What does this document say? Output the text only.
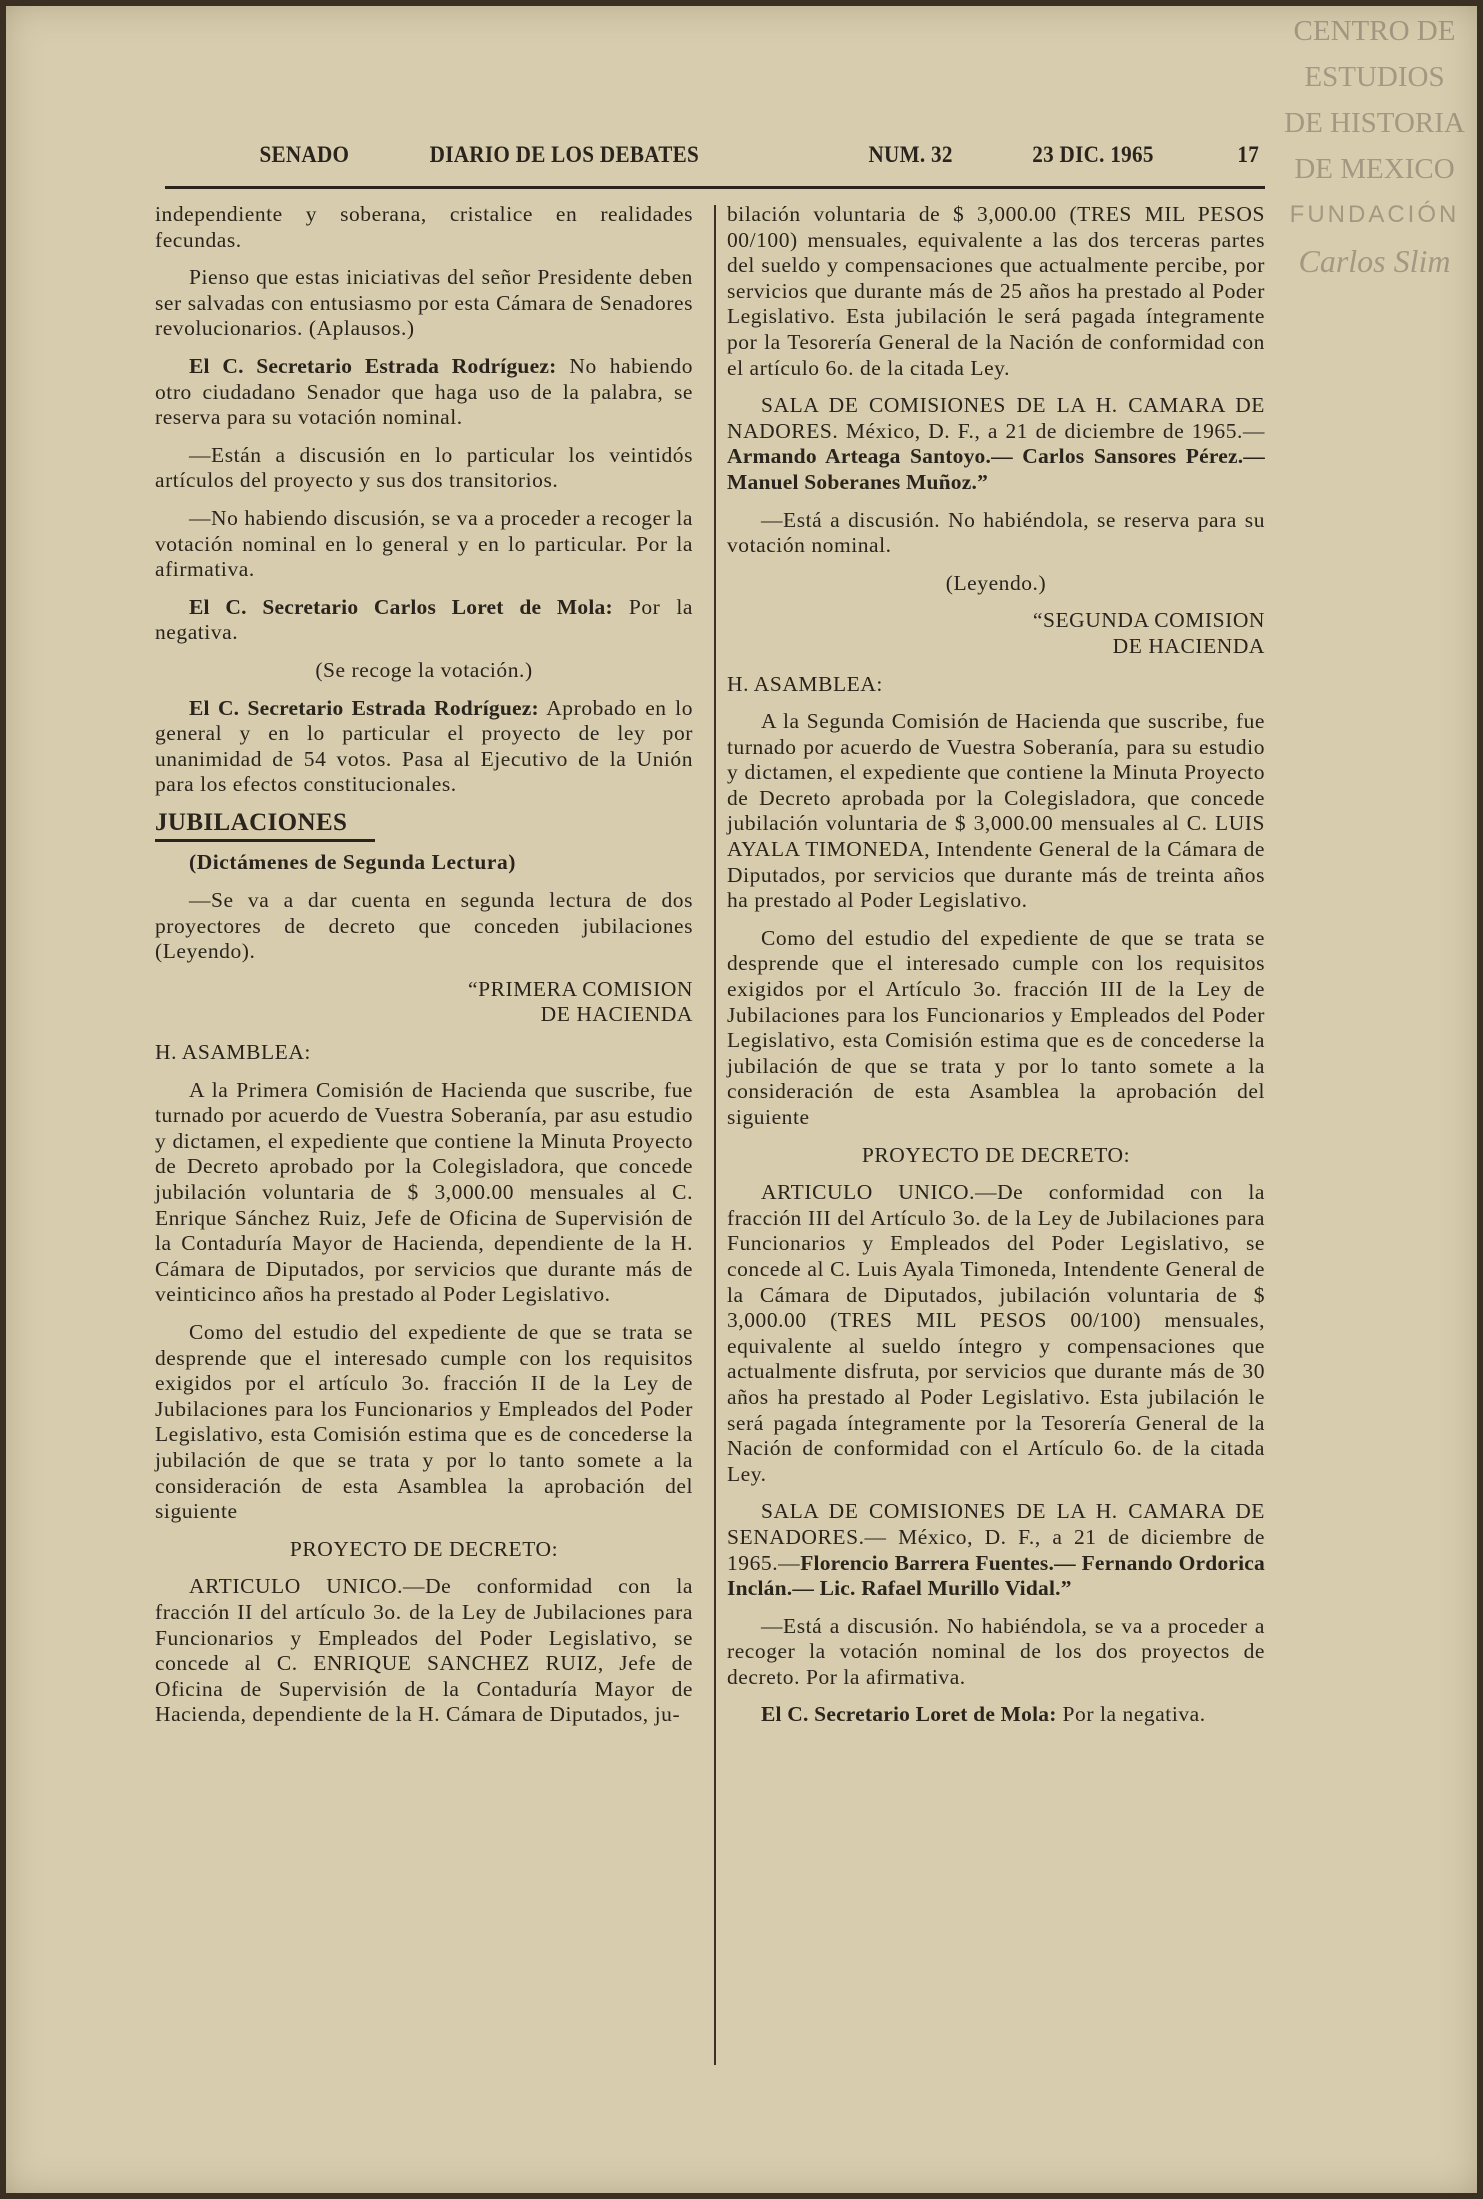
CENTRO DE
ESTUDIOS
DE HISTORIA
DE MEXICO
FUNDACIÓN
Carlos Slim
SENADO	DIARIO DE LOS DEBATES	NUM. 32	23 DIC. 1965	17

independiente y soberana, cristalice en realidades fecundas.

Pienso que estas iniciativas del señor Presidente deben ser salvadas con entusiasmo por esta Cámara de Senadores revolucionarios. (Aplausos.)

El C. Secretario Estrada Rodríguez: No habiendo otro ciudadano Senador que haga uso de la palabra, se reserva para su votación nominal.

—Están a discusión en lo particular los veintidós artículos del proyecto y sus dos transitorios.

—No habiendo discusión, se va a proceder a recoger la votación nominal en lo general y en lo particular. Por la afirmativa.

El C. Secretario Carlos Loret de Mola: Por la negativa.

(Se recoge la votación.)

El C. Secretario Estrada Rodríguez: Aprobado en lo general y en lo particular el proyecto de ley por unanimidad de 54 votos. Pasa al Ejecutivo de la Unión para los efectos constitucionales.

JUBILACIONES
(Dictámenes de Segunda Lectura)

—Se va a dar cuenta en segunda lectura de dos proyectores de decreto que conceden jubilaciones (Leyendo).

“PRIMERA COMISION
DE HACIENDA

H. ASAMBLEA:

A la Primera Comisión de Hacienda que suscribe, fue turnado por acuerdo de Vuestra Soberanía, par asu estudio y dictamen, el expediente que contiene la Minuta Proyecto de Decreto aprobado por la Colegisladora, que concede jubilación voluntaria de $ 3,000.00 mensuales al C. Enrique Sánchez Ruiz, Jefe de Oficina de Supervisión de la Contaduría Mayor de Hacienda, dependiente de la H. Cámara de Diputados, por servicios que durante más de veinticinco años ha prestado al Poder Legislativo.

Como del estudio del expediente de que se trata se desprende que el interesado cumple con los requisitos exigidos por el artículo 3o. fracción II de la Ley de Jubilaciones para los Funcionarios y Empleados del Poder Legislativo, esta Comisión estima que es de concederse la jubilación de que se trata y por lo tanto somete a la consideración de esta Asamblea la aprobación del siguiente

PROYECTO DE DECRETO:

ARTICULO UNICO.—De conformidad con la fracción II del artículo 3o. de la Ley de Jubilaciones para Funcionarios y Empleados del Poder Legislativo, se concede al C. ENRIQUE SANCHEZ RUIZ, Jefe de Oficina de Supervisión de la Contaduría Mayor de Hacienda, dependiente de la H. Cámara de Diputados, ju-

bilación voluntaria de $ 3,000.00 (TRES MIL PESOS 00/100) mensuales, equivalente a las dos terceras partes del sueldo y compensaciones que actualmente percibe, por servicios que durante más de 25 años ha prestado al Poder Legislativo. Esta jubilación le será pagada íntegramente por la Tesorería General de la Nación de conformidad con el artículo 6o. de la citada Ley.

SALA DE COMISIONES DE LA H. CAMARA DE NADORES. México, D. F., a 21 de diciembre de 1965.—Armando Arteaga Santoyo.— Carlos Sansores Pérez.— Manuel Soberanes Muñoz.”

—Está a discusión. No habiéndola, se reserva para su votación nominal.

(Leyendo.)

“SEGUNDA COMISION
DE HACIENDA

H. ASAMBLEA:

A la Segunda Comisión de Hacienda que suscribe, fue turnado por acuerdo de Vuestra Soberanía, para su estudio y dictamen, el expediente que contiene la Minuta Proyecto de Decreto aprobada por la Colegisladora, que concede jubilación voluntaria de $ 3,000.00 mensuales al C. LUIS AYALA TIMONEDA, Intendente General de la Cámara de Diputados, por servicios que durante más de treinta años ha prestado al Poder Legislativo.

Como del estudio del expediente de que se trata se desprende que el interesado cumple con los requisitos exigidos por el Artículo 3o. fracción III de la Ley de Jubilaciones para los Funcionarios y Empleados del Poder Legislativo, esta Comisión estima que es de concederse la jubilación de que se trata y por lo tanto somete a la consideración de esta Asamblea la aprobación del siguiente

PROYECTO DE DECRETO:

ARTICULO UNICO.—De conformidad con la fracción III del Artículo 3o. de la Ley de Jubilaciones para Funcionarios y Empleados del Poder Legislativo, se concede al C. Luis Ayala Timoneda, Intendente General de la Cámara de Diputados, jubilación voluntaria de $ 3,000.00 (TRES MIL PESOS 00/100) mensuales, equivalente al sueldo íntegro y compensaciones que actualmente disfruta, por servicios que durante más de 30 años ha prestado al Poder Legislativo. Esta jubilación le será pagada íntegramente por la Tesorería General de la Nación de conformidad con el Artículo 6o. de la citada Ley.

SALA DE COMISIONES DE LA H. CAMARA DE SENADORES.— México, D. F., a 21 de diciembre de 1965.—Florencio Barrera Fuentes.— Fernando Ordorica Inclán.— Lic. Rafael Murillo Vidal.”

—Está a discusión. No habiéndola, se va a proceder a recoger la votación nominal de los dos proyectos de decreto. Por la afirmativa.

El C. Secretario Loret de Mola: Por la negativa.
